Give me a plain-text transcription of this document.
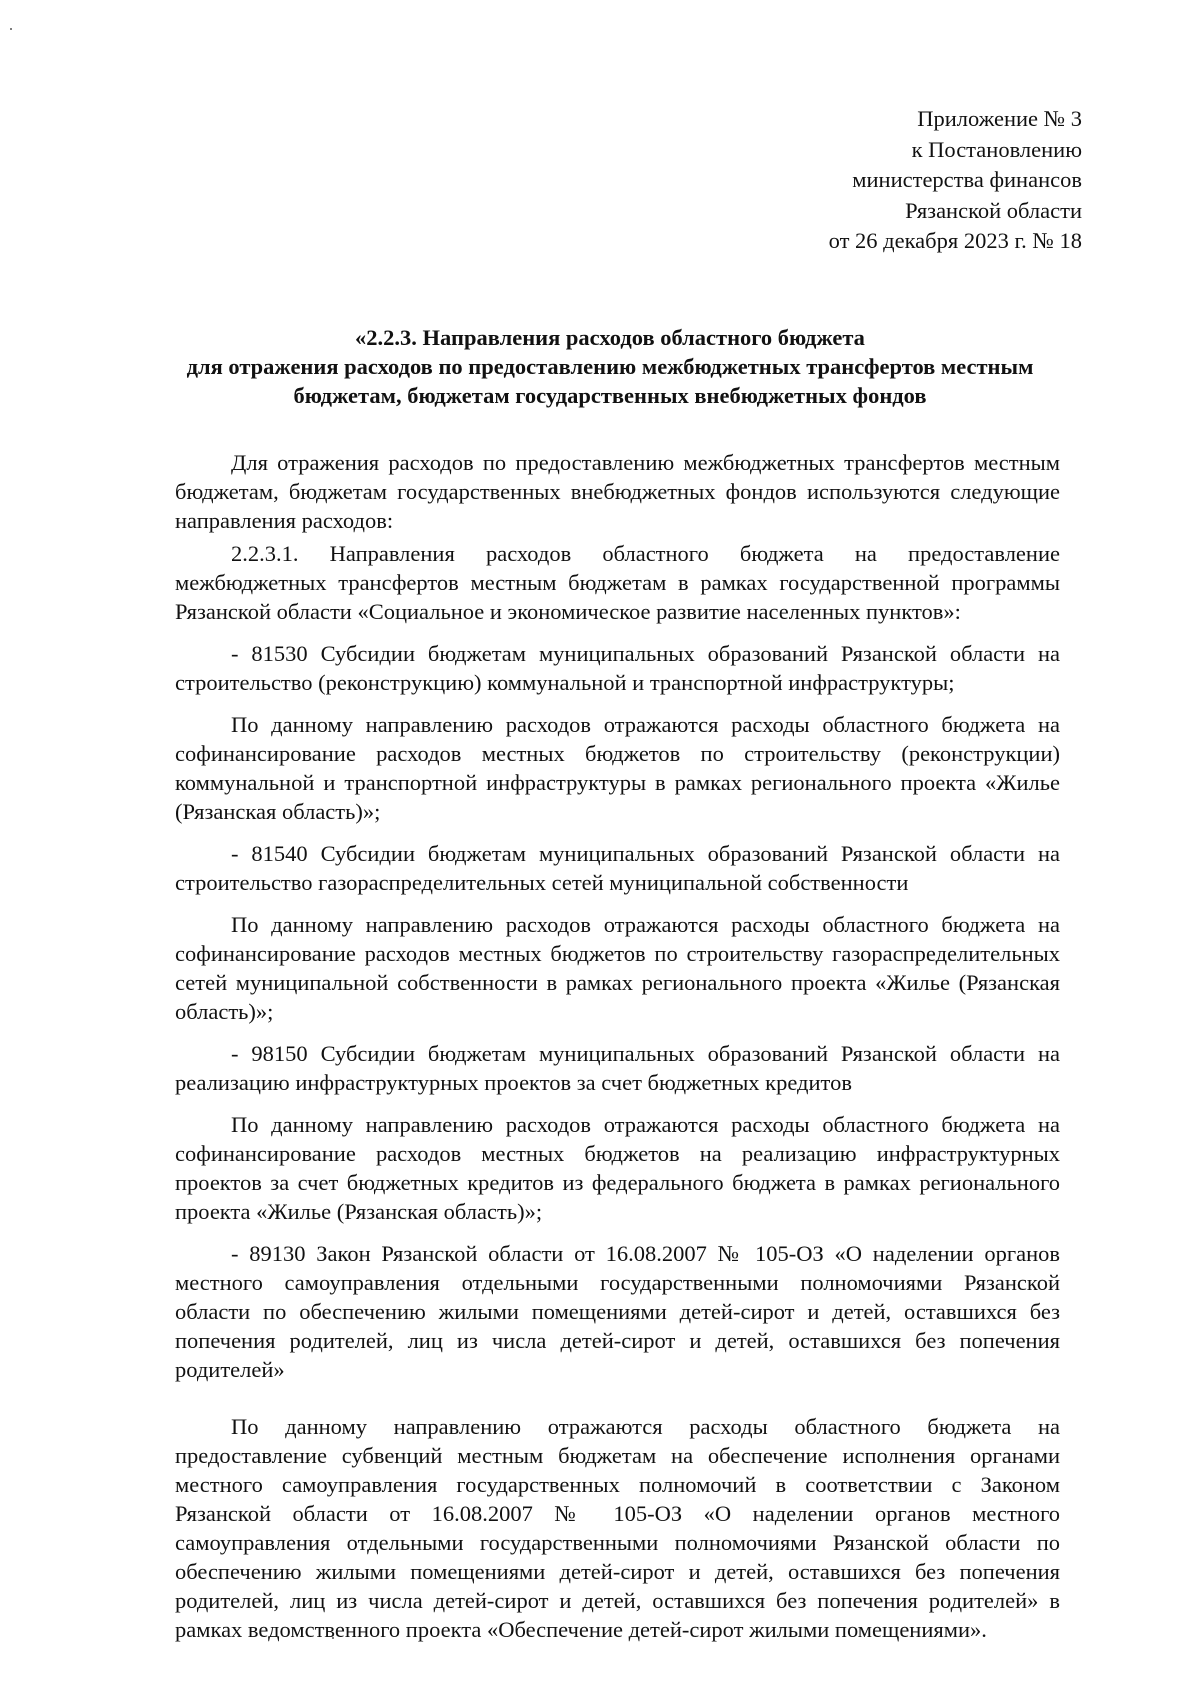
Приложение № 3
к Постановлению
министерства финансов
Рязанской области
от 26 декабря 2023 г. № 18
«2.2.3. Направления расходов областного бюджета
для отражения расходов по предоставлению межбюджетных трансфертов местным
бюджетам, бюджетам государственных внебюджетных фондов

Для отражения расходов по предоставлению межбюджетных трансфертов местным бюджетам, бюджетам государственных внебюджетных фондов используются следующие направления расходов:

2.2.3.1. Направления расходов областного бюджета на предоставление межбюджетных трансфертов местным бюджетам в рамках государственной программы Рязанской области «Социальное и экономическое развитие населенных пунктов»:

- 81530 Субсидии бюджетам муниципальных образований Рязанской области на строительство (реконструкцию) коммунальной и транспортной инфраструктуры;

По данному направлению расходов отражаются расходы областного бюджета на софинансирование расходов местных бюджетов по строительству (реконструкции) коммунальной и транспортной инфраструктуры в рамках регионального проекта «Жилье (Рязанская область)»;

- 81540 Субсидии бюджетам муниципальных образований Рязанской области на строительство газораспределительных сетей муниципальной собственности

По данному направлению расходов отражаются расходы областного бюджета на софинансирование расходов местных бюджетов по строительству газораспределительных сетей муниципальной собственности в рамках регионального проекта «Жилье (Рязанская область)»;

- 98150 Субсидии бюджетам муниципальных образований Рязанской области на реализацию инфраструктурных проектов за счет бюджетных кредитов

По данному направлению расходов отражаются расходы областного бюджета на софинансирование расходов местных бюджетов на реализацию инфраструктурных проектов за счет бюджетных кредитов из федерального бюджета в рамках регионального проекта «Жилье (Рязанская область)»;

- 89130 Закон Рязанской области от 16.08.2007 № 105-ОЗ «О наделении органов местного самоуправления отдельными государственными полномочиями Рязанской области по обеспечению жилыми помещениями детей-сирот и детей, оставшихся без попечения родителей, лиц из числа детей-сирот и детей, оставшихся без попечения родителей»

По данному направлению отражаются расходы областного бюджета на предоставление субвенций местным бюджетам на обеспечение исполнения органами местного самоуправления государственных полномочий в соответствии с Законом Рязанской области от 16.08.2007 № 105-ОЗ «О наделении органов местного самоуправления отдельными государственными полномочиями Рязанской области по обеспечению жилыми помещениями детей-сирот и детей, оставшихся без попечения родителей, лиц из числа детей-сирот и детей, оставшихся без попечения родителей» в рамках ведомственного проекта «Обеспечение детей-сирот жилыми помещениями».
